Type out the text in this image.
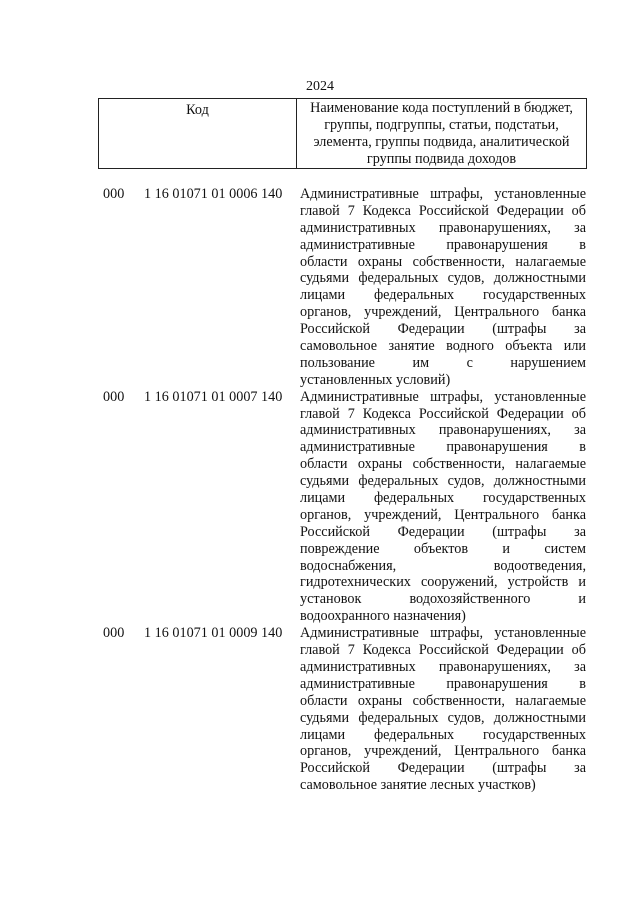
2024
Код	Наименование кода поступлений в бюджет,
группы, подгруппы, статьи, подстатьи,
элемента, группы подвида, аналитической
группы подвида доходов
000 1 16 01071 01 0006 140 Административные штрафы, установленные
главой 7 Кодекса Российской Федерации об
административных правонарушениях, за
административные правонарушения в
области охраны собственности, налагаемые
судьями федеральных судов, должностными
лицами федеральных государственных
органов, учреждений, Центрального банка
Российской Федерации (штрафы за
самовольное занятие водного объекта или
пользование им с нарушением
установленных условий)
000 1 16 01071 01 0007 140 Административные штрафы, установленные
главой 7 Кодекса Российской Федерации об
административных правонарушениях, за
административные правонарушения в
области охраны собственности, налагаемые
судьями федеральных судов, должностными
лицами федеральных государственных
органов, учреждений, Центрального банка
Российской Федерации (штрафы за
повреждение объектов и систем
водоснабжения, водоотведения,
гидротехнических сооружений, устройств и
установок водохозяйственного и
водоохранного назначения)
000 1 16 01071 01 0009 140 Административные штрафы, установленные
главой 7 Кодекса Российской Федерации об
административных правонарушениях, за
административные правонарушения в
области охраны собственности, налагаемые
судьями федеральных судов, должностными
лицами федеральных государственных
органов, учреждений, Центрального банка
Российской Федерации (штрафы за
самовольное занятие лесных участков)
